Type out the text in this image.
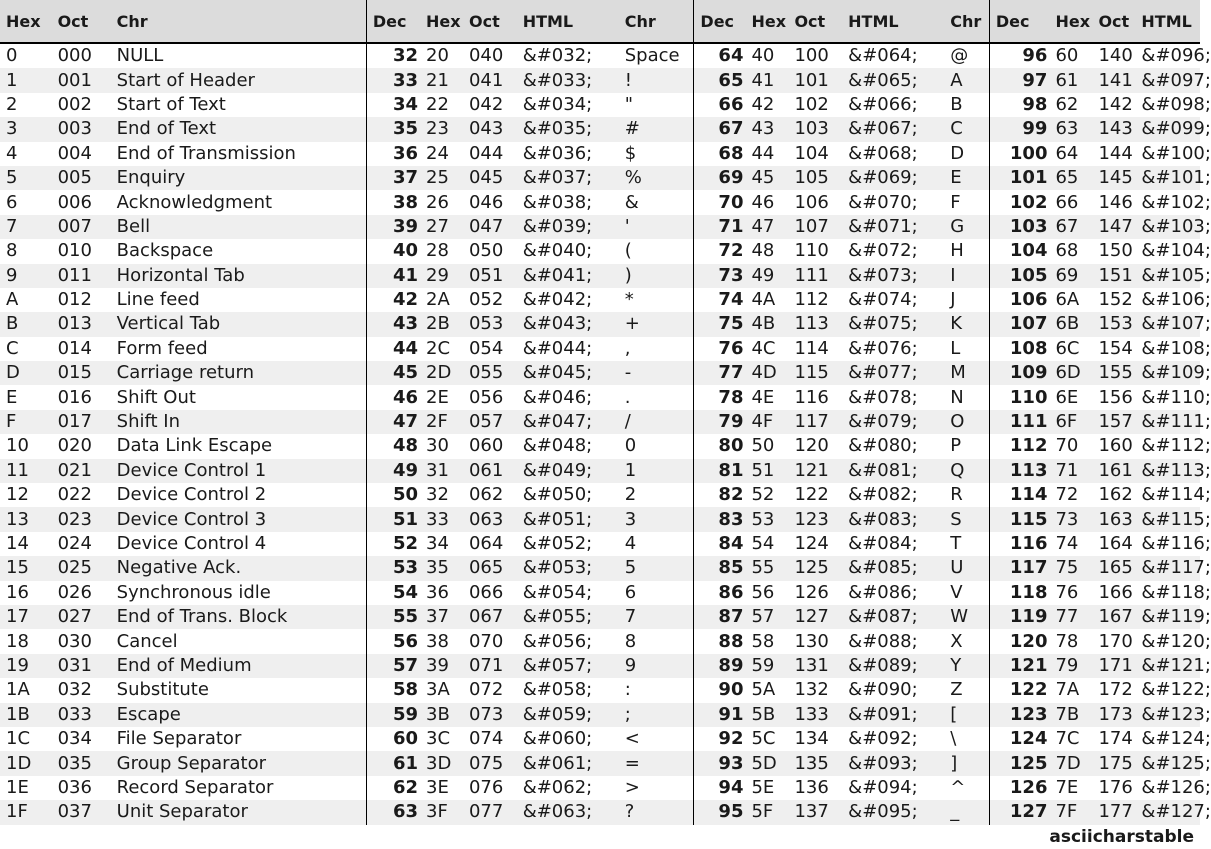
Hex	Oct	Chr	Dec	Hex	Oct	HTML	Chr	Dec	Hex	Oct	HTML	Chr	Dec	Hex	Oct	HTML
0	000	NULL	32	20	040	&#032;	Space	64	40	100	&#064;	@	96	60	140	&#096;
1	001	Start of Header	33	21	041	&#033;	!	65	41	101	&#065;	A	97	61	141	&#097;
2	002	Start of Text	34	22	042	&#034;	"	66	42	102	&#066;	B	98	62	142	&#098;
3	003	End of Text	35	23	043	&#035;	#	67	43	103	&#067;	C	99	63	143	&#099;
4	004	End of Transmission	36	24	044	&#036;	$	68	44	104	&#068;	D	100	64	144	&#100;
5	005	Enquiry	37	25	045	&#037;	%	69	45	105	&#069;	E	101	65	145	&#101;
6	006	Acknowledgment	38	26	046	&#038;	&	70	46	106	&#070;	F	102	66	146	&#102;
7	007	Bell	39	27	047	&#039;	'	71	47	107	&#071;	G	103	67	147	&#103;
8	010	Backspace	40	28	050	&#040;	(	72	48	110	&#072;	H	104	68	150	&#104;
9	011	Horizontal Tab	41	29	051	&#041;	)	73	49	111	&#073;	I	105	69	151	&#105;
A	012	Line feed	42	2A	052	&#042;	*	74	4A	112	&#074;	J	106	6A	152	&#106;
B	013	Vertical Tab	43	2B	053	&#043;	+	75	4B	113	&#075;	K	107	6B	153	&#107;
C	014	Form feed	44	2C	054	&#044;	,	76	4C	114	&#076;	L	108	6C	154	&#108;
D	015	Carriage return	45	2D	055	&#045;	-	77	4D	115	&#077;	M	109	6D	155	&#109;
E	016	Shift Out	46	2E	056	&#046;	.	78	4E	116	&#078;	N	110	6E	156	&#110;
F	017	Shift In	47	2F	057	&#047;	/	79	4F	117	&#079;	O	111	6F	157	&#111;
10	020	Data Link Escape	48	30	060	&#048;	0	80	50	120	&#080;	P	112	70	160	&#112;
11	021	Device Control 1	49	31	061	&#049;	1	81	51	121	&#081;	Q	113	71	161	&#113;
12	022	Device Control 2	50	32	062	&#050;	2	82	52	122	&#082;	R	114	72	162	&#114;
13	023	Device Control 3	51	33	063	&#051;	3	83	53	123	&#083;	S	115	73	163	&#115;
14	024	Device Control 4	52	34	064	&#052;	4	84	54	124	&#084;	T	116	74	164	&#116;
15	025	Negative Ack.	53	35	065	&#053;	5	85	55	125	&#085;	U	117	75	165	&#117;
16	026	Synchronous idle	54	36	066	&#054;	6	86	56	126	&#086;	V	118	76	166	&#118;
17	027	End of Trans. Block	55	37	067	&#055;	7	87	57	127	&#087;	W	119	77	167	&#119;
18	030	Cancel	56	38	070	&#056;	8	88	58	130	&#088;	X	120	78	170	&#120;
19	031	End of Medium	57	39	071	&#057;	9	89	59	131	&#089;	Y	121	79	171	&#121;
1A	032	Substitute	58	3A	072	&#058;	:	90	5A	132	&#090;	Z	122	7A	172	&#122;
1B	033	Escape	59	3B	073	&#059;	;	91	5B	133	&#091;	[	123	7B	173	&#123;
1C	034	File Separator	60	3C	074	&#060;	<	92	5C	134	&#092;	\	124	7C	174	&#124;
1D	035	Group Separator	61	3D	075	&#061;	=	93	5D	135	&#093;	]	125	7D	175	&#125;
1E	036	Record Separator	62	3E	076	&#062;	>	94	5E	136	&#094;	^	126	7E	176	&#126;
1F	037	Unit Separator	63	3F	077	&#063;	?	95	5F	137	&#095;	_	127	7F	177	&#127;
asciicharstable
